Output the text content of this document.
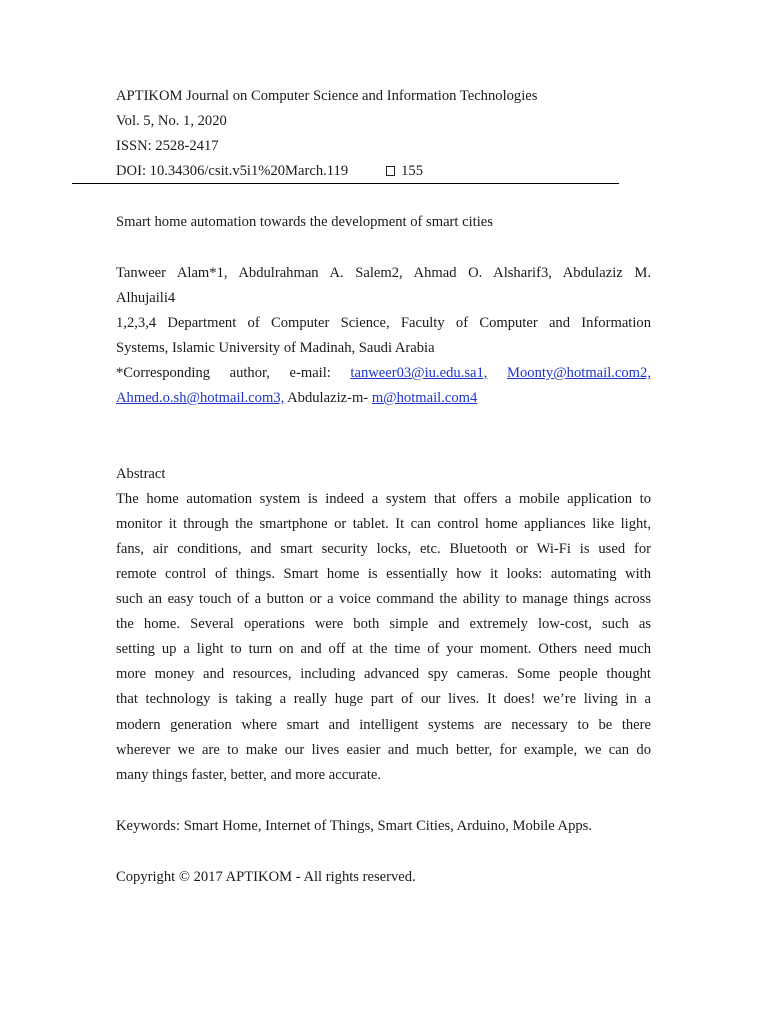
APTIKOM Journal on Computer Science and Information Technologies
Vol. 5, No. 1, 2020
ISSN: 2528-2417
DOI: 10.34306/csit.v5i1%20March.119	155
Smart home automation towards the development of smart cities
Tanweer Alam*1, Abdulrahman A. Salem2, Ahmad O. Alsharif3, Abdulaziz M.
Alhujaili4
1,2,3,4 Department of Computer Science, Faculty of Computer and Information
Systems, Islamic University of Madinah, Saudi Arabia
*Corresponding author, e-mail: tanweer03@iu.edu.sa1, Moonty@hotmail.com2,
Ahmed.o.sh@hotmail.com3, Abdulaziz-m- m@hotmail.com4
Abstract
The home automation system is indeed a system that offers a mobile application to
monitor it through the smartphone or tablet. It can control home appliances like light,
fans, air conditions, and smart security locks, etc. Bluetooth or Wi-Fi is used for
remote control of things. Smart home is essentially how it looks: automating with
such an easy touch of a button or a voice command the ability to manage things across
the home. Several operations were both simple and extremely low-cost, such as
setting up a light to turn on and off at the time of your moment. Others need much
more money and resources, including advanced spy cameras. Some people thought
that technology is taking a really huge part of our lives. It does! we’re living in a
modern generation where smart and intelligent systems are necessary to be there
wherever we are to make our lives easier and much better, for example, we can do
many things faster, better, and more accurate.
Keywords: Smart Home, Internet of Things, Smart Cities, Arduino, Mobile Apps.
Copyright © 2017 APTIKOM - All rights reserved.
